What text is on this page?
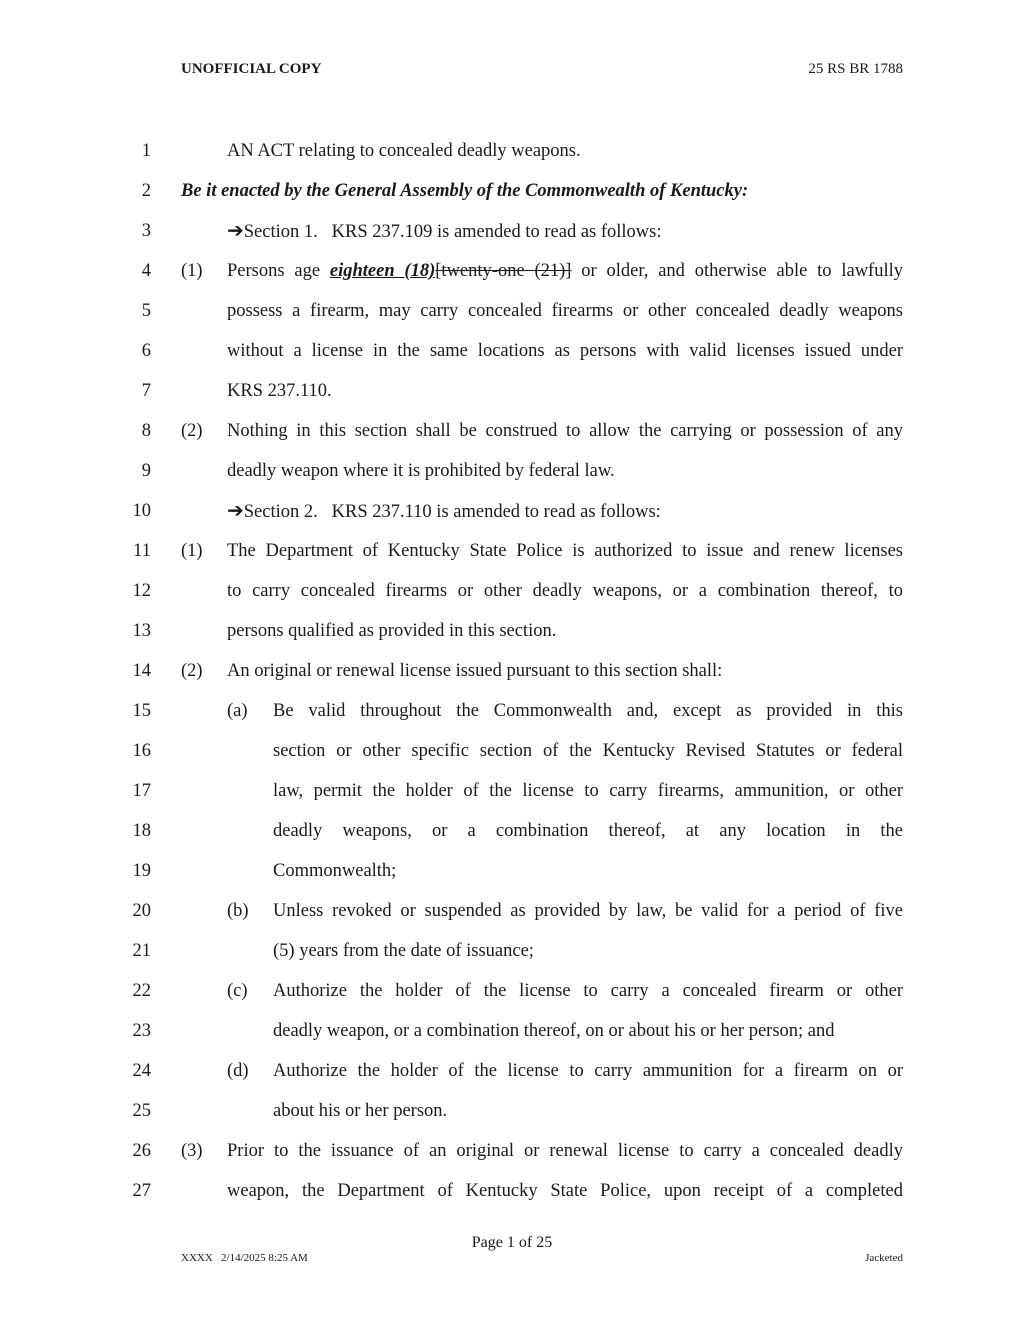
UNOFFICIAL COPY	25 RS BR 1788
1	AN ACT relating to concealed deadly weapons.
2 Be it enacted by the General Assembly of the Commonwealth of Kentucky:
3	➔Section 1.   KRS 237.109 is amended to read as follows:
4 (1) Persons age eighteen (18)[twenty-one (21)] or older, and otherwise able to lawfully
5	possess a firearm, may carry concealed firearms or other concealed deadly weapons
6	without a license in the same locations as persons with valid licenses issued under
7	KRS 237.110.
8 (2) Nothing in this section shall be construed to allow the carrying or possession of any
9	deadly weapon where it is prohibited by federal law.
10	➔Section 2.   KRS 237.110 is amended to read as follows:
11 (1) The Department of Kentucky State Police is authorized to issue and renew licenses
12	to carry concealed firearms or other deadly weapons, or a combination thereof, to
13	persons qualified as provided in this section.
14 (2) An original or renewal license issued pursuant to this section shall:
15	(a) Be valid throughout the Commonwealth and, except as provided in this
16	section or other specific section of the Kentucky Revised Statutes or federal
17	law, permit the holder of the license to carry firearms, ammunition, or other
18	deadly weapons, or a combination thereof, at any location in the
19	Commonwealth;
20	(b) Unless revoked or suspended as provided by law, be valid for a period of five
21	(5) years from the date of issuance;
22	(c) Authorize the holder of the license to carry a concealed firearm or other
23	deadly weapon, or a combination thereof, on or about his or her person; and
24	(d) Authorize the holder of the license to carry ammunition for a firearm on or
25	about his or her person.
26 (3) Prior to the issuance of an original or renewal license to carry a concealed deadly
27	weapon, the Department of Kentucky State Police, upon receipt of a completed
Page 1 of 25
XXXX   2/14/2025 8:25 AM	Jacketed
